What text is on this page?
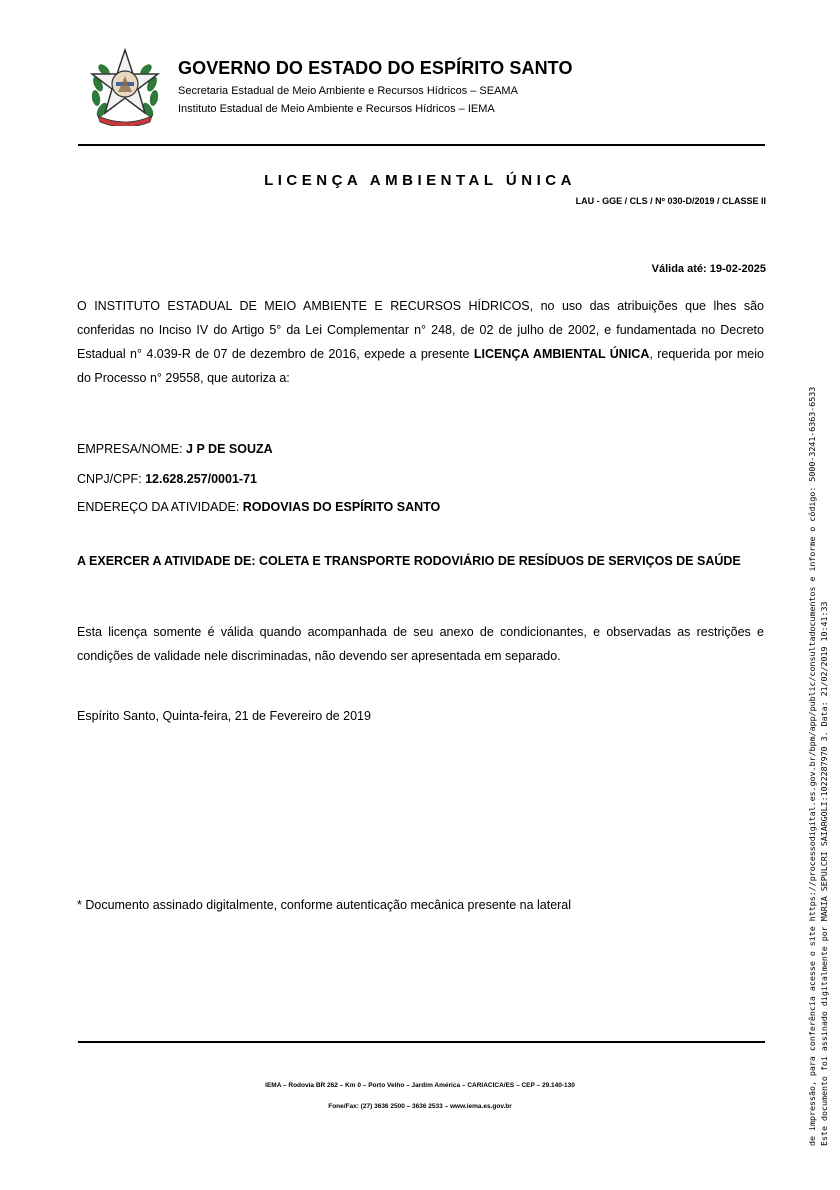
GOVERNO DO ESTADO DO ESPÍRITO SANTO
Secretaria Estadual de Meio Ambiente e Recursos Hídricos – SEAMA
Instituto Estadual de Meio Ambiente e Recursos Hídricos – IEMA
LICENÇA AMBIENTAL ÚNICA
LAU - GGE / CLS / Nº 030-D/2019 / CLASSE II
Válida até: 19-02-2025
O INSTITUTO ESTADUAL DE MEIO AMBIENTE E RECURSOS HÍDRICOS, no uso das atribuições que lhes são conferidas no Inciso IV do Artigo 5° da Lei Complementar n° 248, de 02 de julho de 2002, e fundamentada no Decreto Estadual n° 4.039-R de 07 de dezembro de 2016, expede a presente LICENÇA AMBIENTAL ÚNICA, requerida por meio do Processo n° 29558, que autoriza a:
EMPRESA/NOME: J P DE SOUZA
CNPJ/CPF: 12.628.257/0001-71
ENDEREÇO DA ATIVIDADE: RODOVIAS DO ESPÍRITO SANTO
A EXERCER A ATIVIDADE DE: COLETA E TRANSPORTE RODOVIÁRIO DE RESÍDUOS DE SERVIÇOS DE SAÚDE
Esta licença somente é válida quando acompanhada de seu anexo de condicionantes, e observadas as restrições e condições de validade nele discriminadas, não devendo ser apresentada em separado.
Espírito Santo, Quinta-feira, 21 de Fevereiro de 2019
* Documento assinado digitalmente, conforme autenticação mecânica presente na lateral
IEMA – Rodovia BR 262 – Km 0 – Porto Velho – Jardim América – CARIACICA/ES – CEP – 29.140-130
Fone/Fax: (27) 3636 2500 – 3636 2533 – www.iema.es.gov.br	de impressão, para conferência acesse o site https://processodigital.es.gov.br/bpm/app/public/consultadocumentos e informe o código: 5000-3241-6363-6533 Este documento foi assinado digitalmente por MARIA SEPULCRI SAIARGOLI:1022287970 3. Data: 21/02/2019 10:41:33
